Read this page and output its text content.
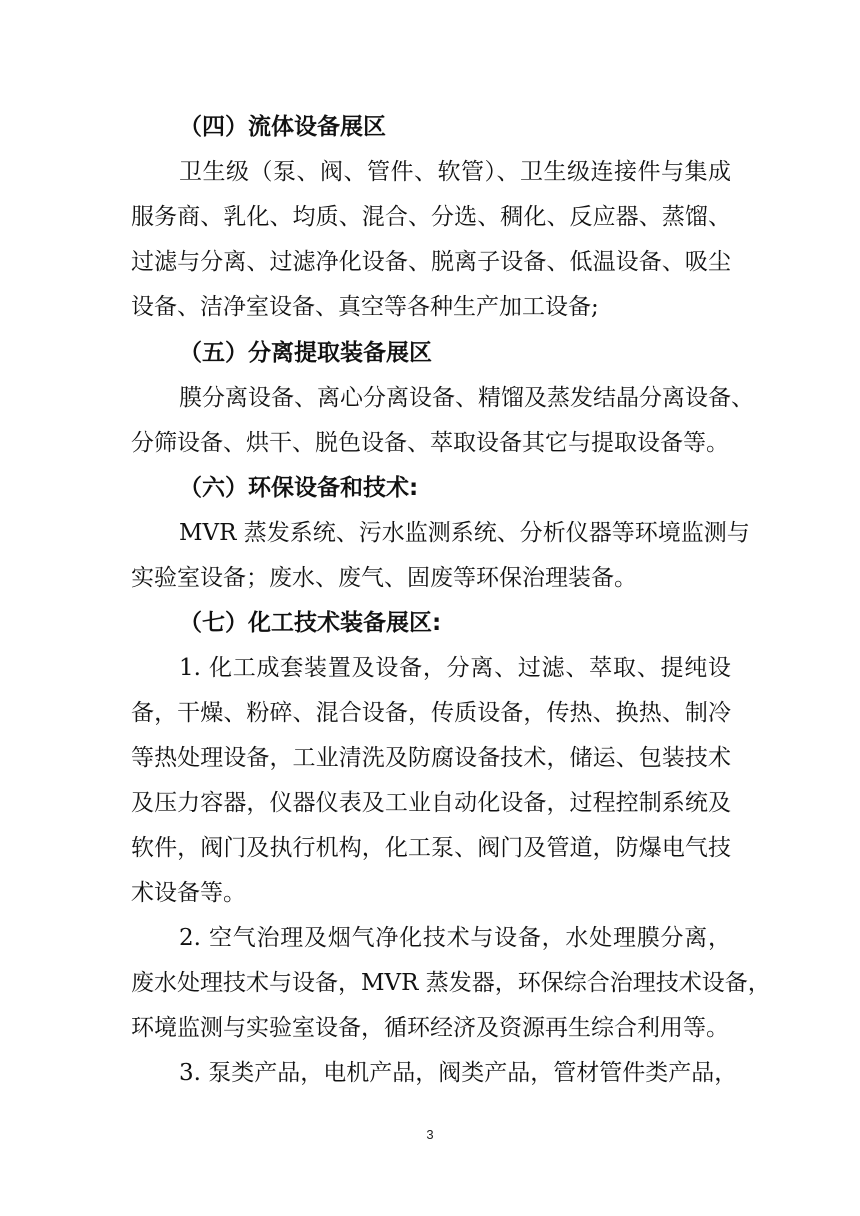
（四）流体设备展区
卫生级（泵、阀、管件、软管）、卫生级连接件与集成
服务商、乳化、均质、混合、分选、稠化、反应器、蒸馏、
过滤与分离、过滤净化设备、脱离子设备、低温设备、吸尘
设备、洁净室设备、真空等各种生产加工设备;
（五）分离提取装备展区
膜分离设备、离心分离设备、精馏及蒸发结晶分离设备、
分筛设备、烘干、脱色设备、萃取设备其它与提取设备等。
（六）环保设备和技术:
MVR 蒸发系统、污水监测系统、分析仪器等环境监测与
实验室设备；废水、废气、固废等环保治理装备。
（七）化工技术装备展区:
1. 化工成套装置及设备，分离、过滤、萃取、提纯设
备，干燥、粉碎、混合设备，传质设备，传热、换热、制冷
等热处理设备，工业清洗及防腐设备技术，储运、包装技术
及压力容器，仪器仪表及工业自动化设备，过程控制系统及
软件，阀门及执行机构，化工泵、阀门及管道，防爆电气技
术设备等。
2. 空气治理及烟气净化技术与设备，水处理膜分离，
废水处理技术与设备，MVR 蒸发器，环保综合治理技术设备，
环境监测与实验室设备，循环经济及资源再生综合利用等。
3. 泵类产品，电机产品，阀类产品，管材管件类产品，
3
